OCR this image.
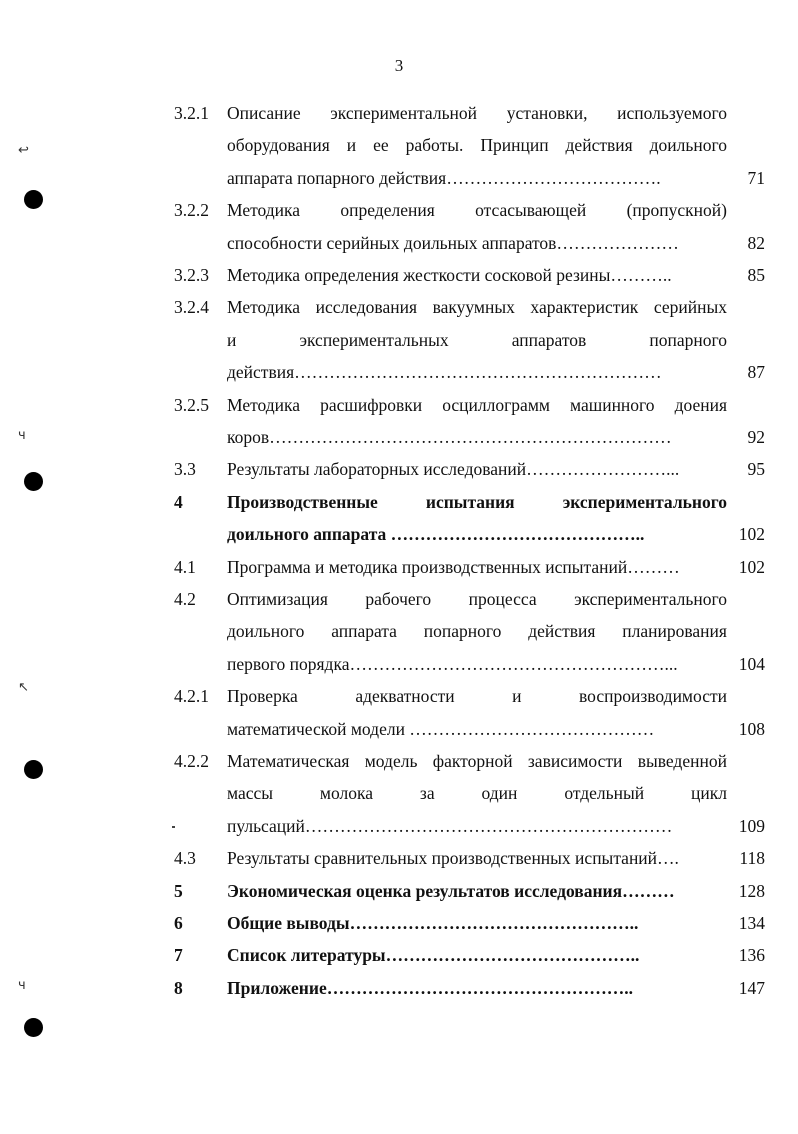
3
3.2.1 Описание экспериментальной установки, используемого
оборудования и ее работы. Принцип действия доильного
аппарата попарного действия……………………………….	71
3.2.2 Методика определения отсасывающей (пропускной)
способности серийных доильных аппаратов…………………	82
3.2.3 Методика определения жесткости сосковой резины………..	85
3.2.4 Методика исследования вакуумных характеристик серийных
и	экспериментальных	аппаратов	попарного
действия………………………………………………………	87
3.2.5 Методика расшифровки осциллограмм машинного доения
коров……………………………………………………………	92
3.3 Результаты лабораторных исследований……………………...	95
4	Производственные	испытания	экспериментального
доильного аппарата ……………………………………..	102
4.1 Программа и методика производственных испытаний………	102
4.2 Оптимизация рабочего процесса экспериментального
доильного аппарата попарного действия планирования
первого порядка………………………………………………...	104
4.2.1 Проверка	адекватности	и	воспроизводимости
математической модели ……………………………………	108
4.2.2 Математическая модель факторной зависимости выведенной
массы	молока	за	один	отдельный	цикл
пульсаций………………………………………………………	109
4.3 Результаты сравнительных производственных испытаний….	118
5	Экономическая оценка результатов исследования………	128
6	Общие выводы…………………………………………..	134
7	Список литературы……………………………………..	136
8	Приложение……………………………………………..	147
↩
ч
↖
ч
